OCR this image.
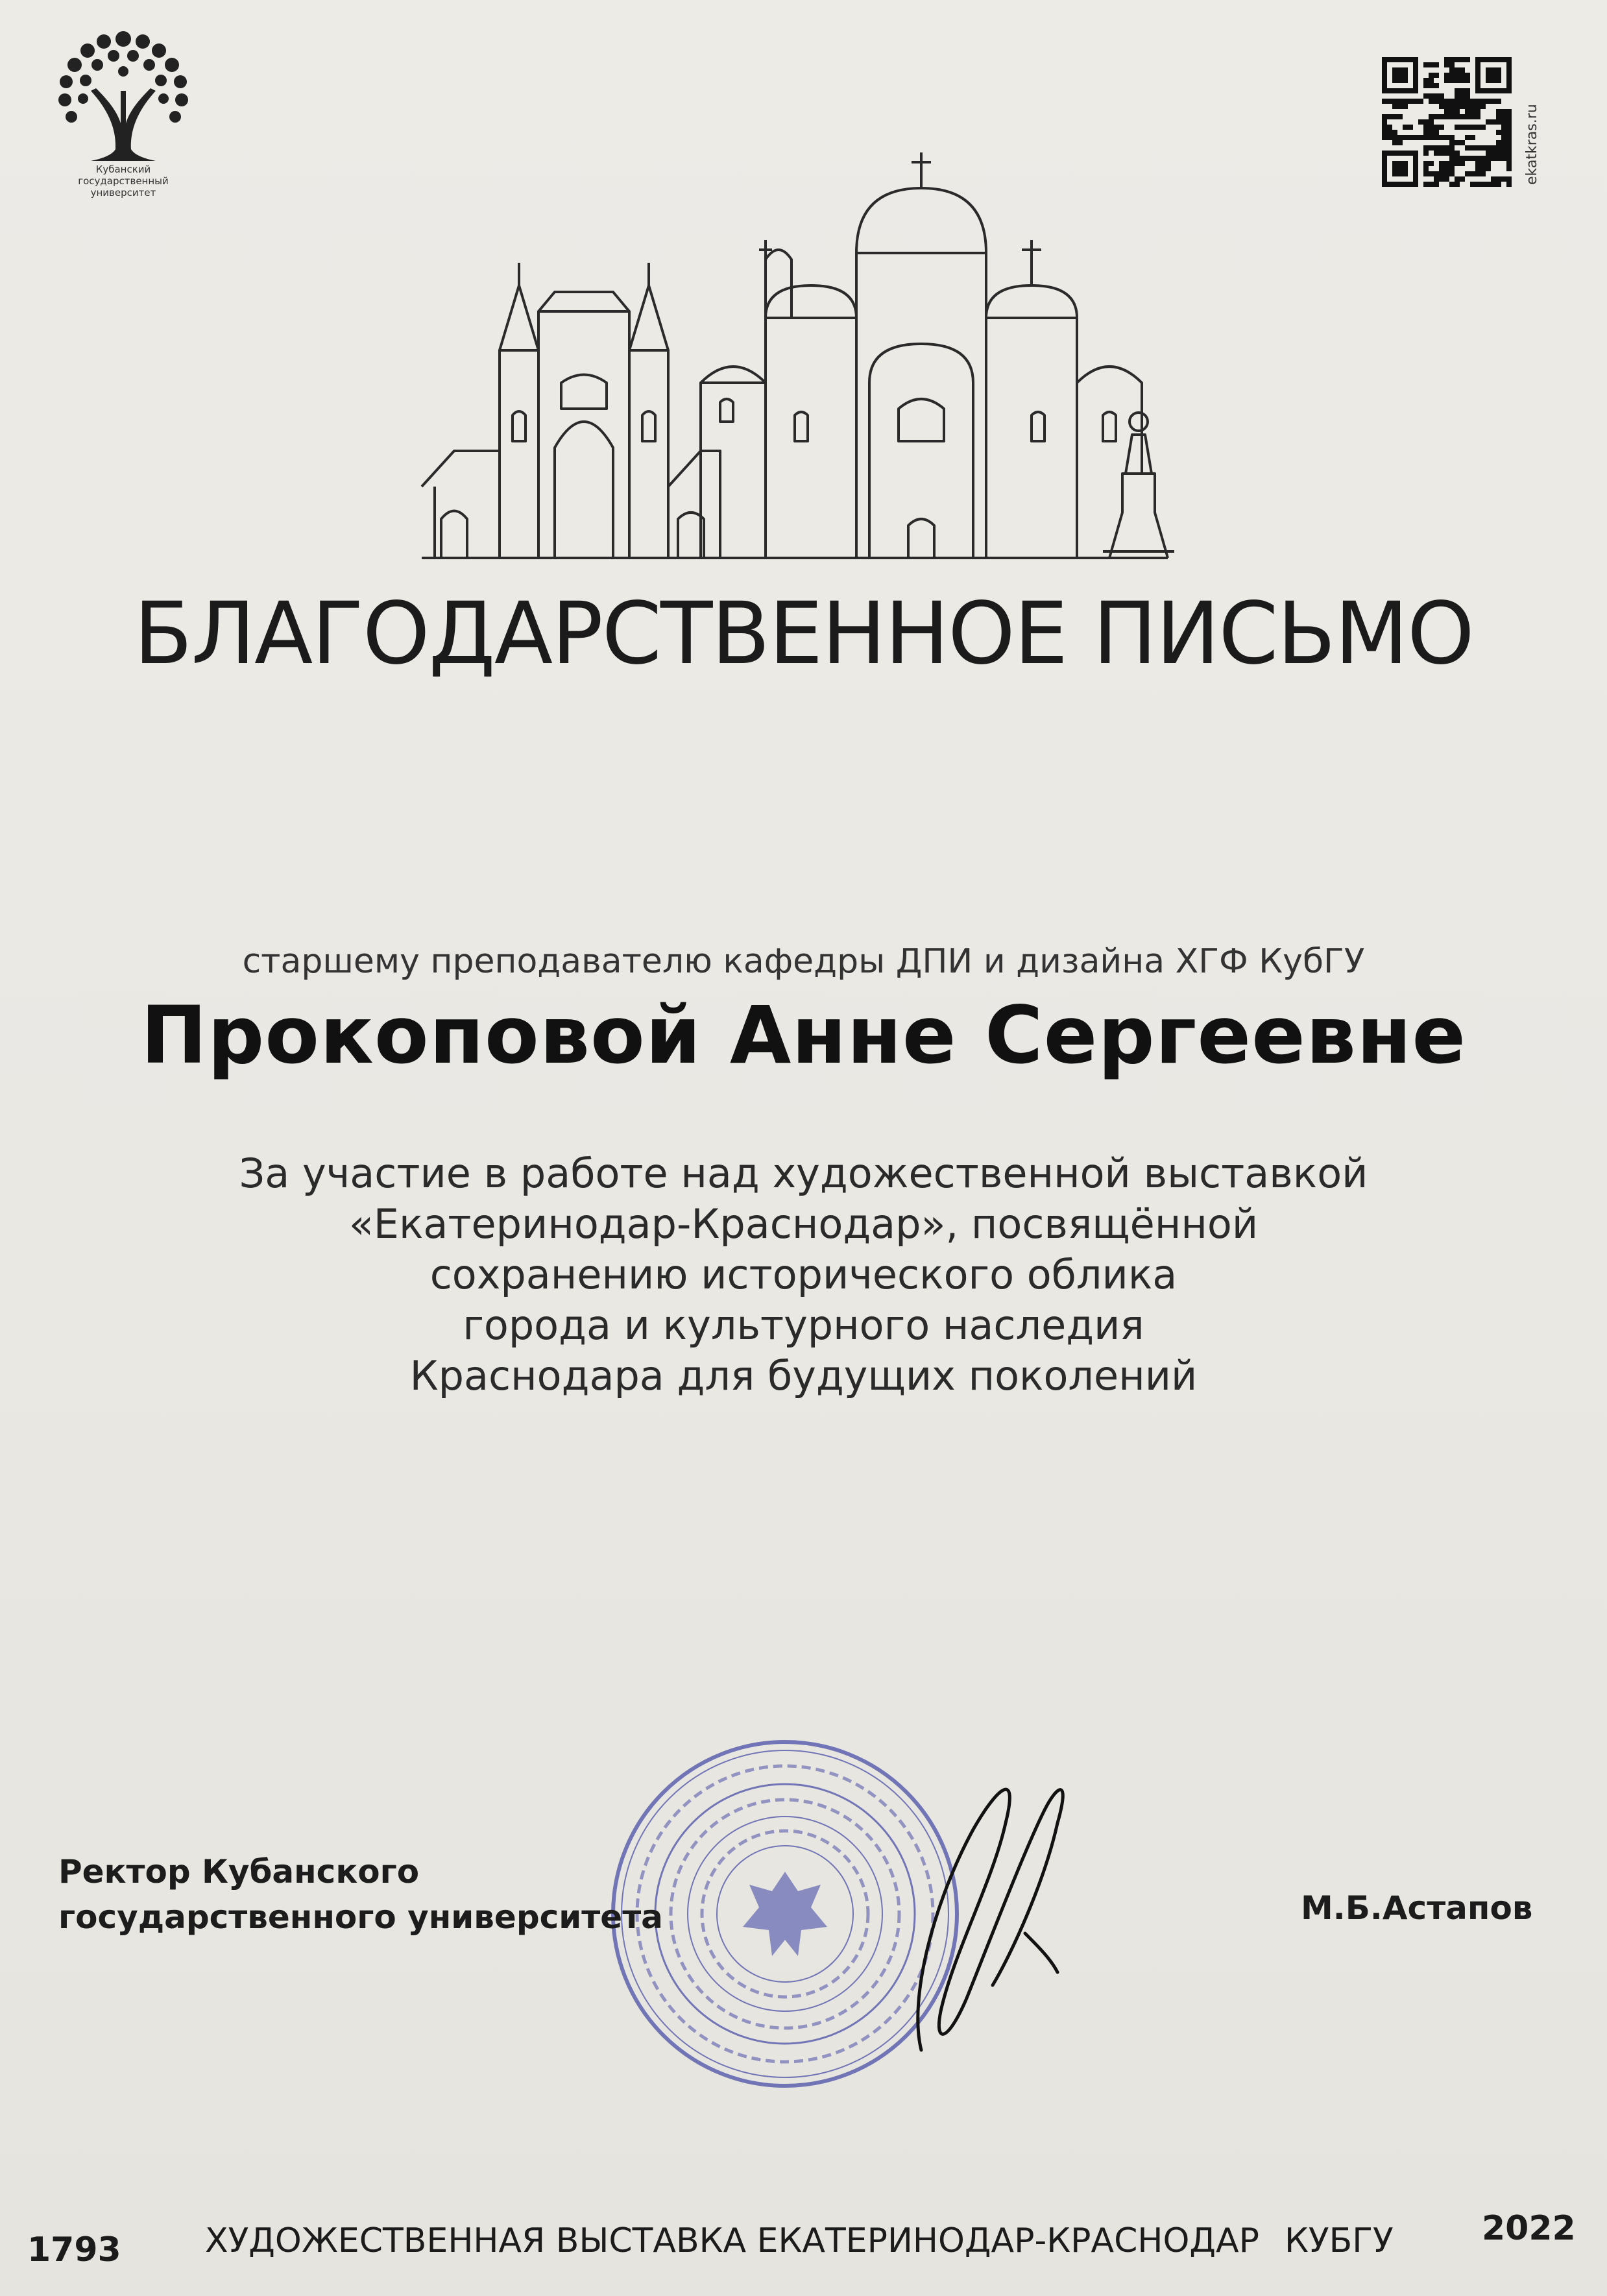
Кубанский
государственный
университет
ekatkras.ru
БЛАГОДАРСТВЕННОЕ ПИСЬМО
старшему преподавателю кафедры ДПИ и дизайна ХГФ КубГУ
Прокоповой Анне Сергеевне
За участие в работе над художественной выставкой
«Екатеринодар-Краснодар», посвящённой
сохранению исторического облика
города и культурного наследия
Краснодара для будущих поколений
Ректор Кубанского
государственного университета	М.Б.Астапов
1793 ХУДОЖЕСТВЕННАЯ ВЫСТАВКА ЕКАТЕРИНОДАР-КРАСНОДАР КУБГУ	2022
